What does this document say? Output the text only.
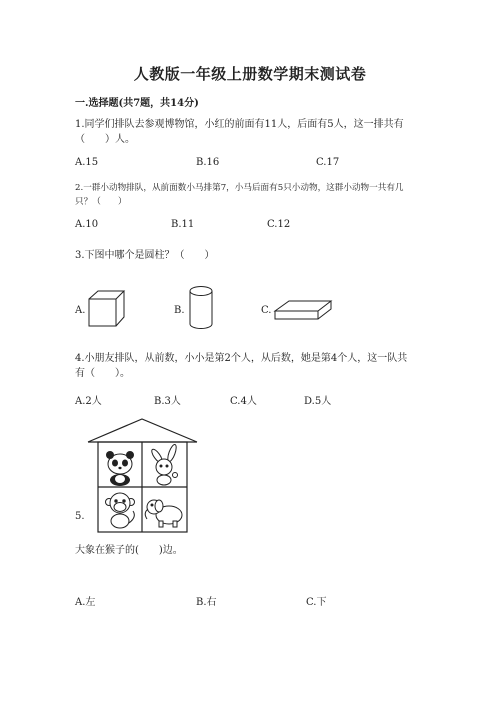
人教版一年级上册数学期末测试卷
一.选择题(共7题，共14分)
1.同学们排队去参观博物馆，小红的前面有11人，后面有5人，这一排共有
（　　）人。
A.15	B.16	C.17
2.一群小动物排队，从前面数小马排第7，小马后面有5只小动物，这群小动物一共有几
只？（　　）
A.10	B.11	C.12
3.下图中哪个是圆柱？（　　）
A.	B.	C.
4.小朋友排队，从前数，小小是第2个人，从后数，她是第4个人，这一队共
有（　　）。
A.2人	B.3人	C.4人	D.5人
5.
大象在猴子的(　　)边。
A.左	B.右	C.下
